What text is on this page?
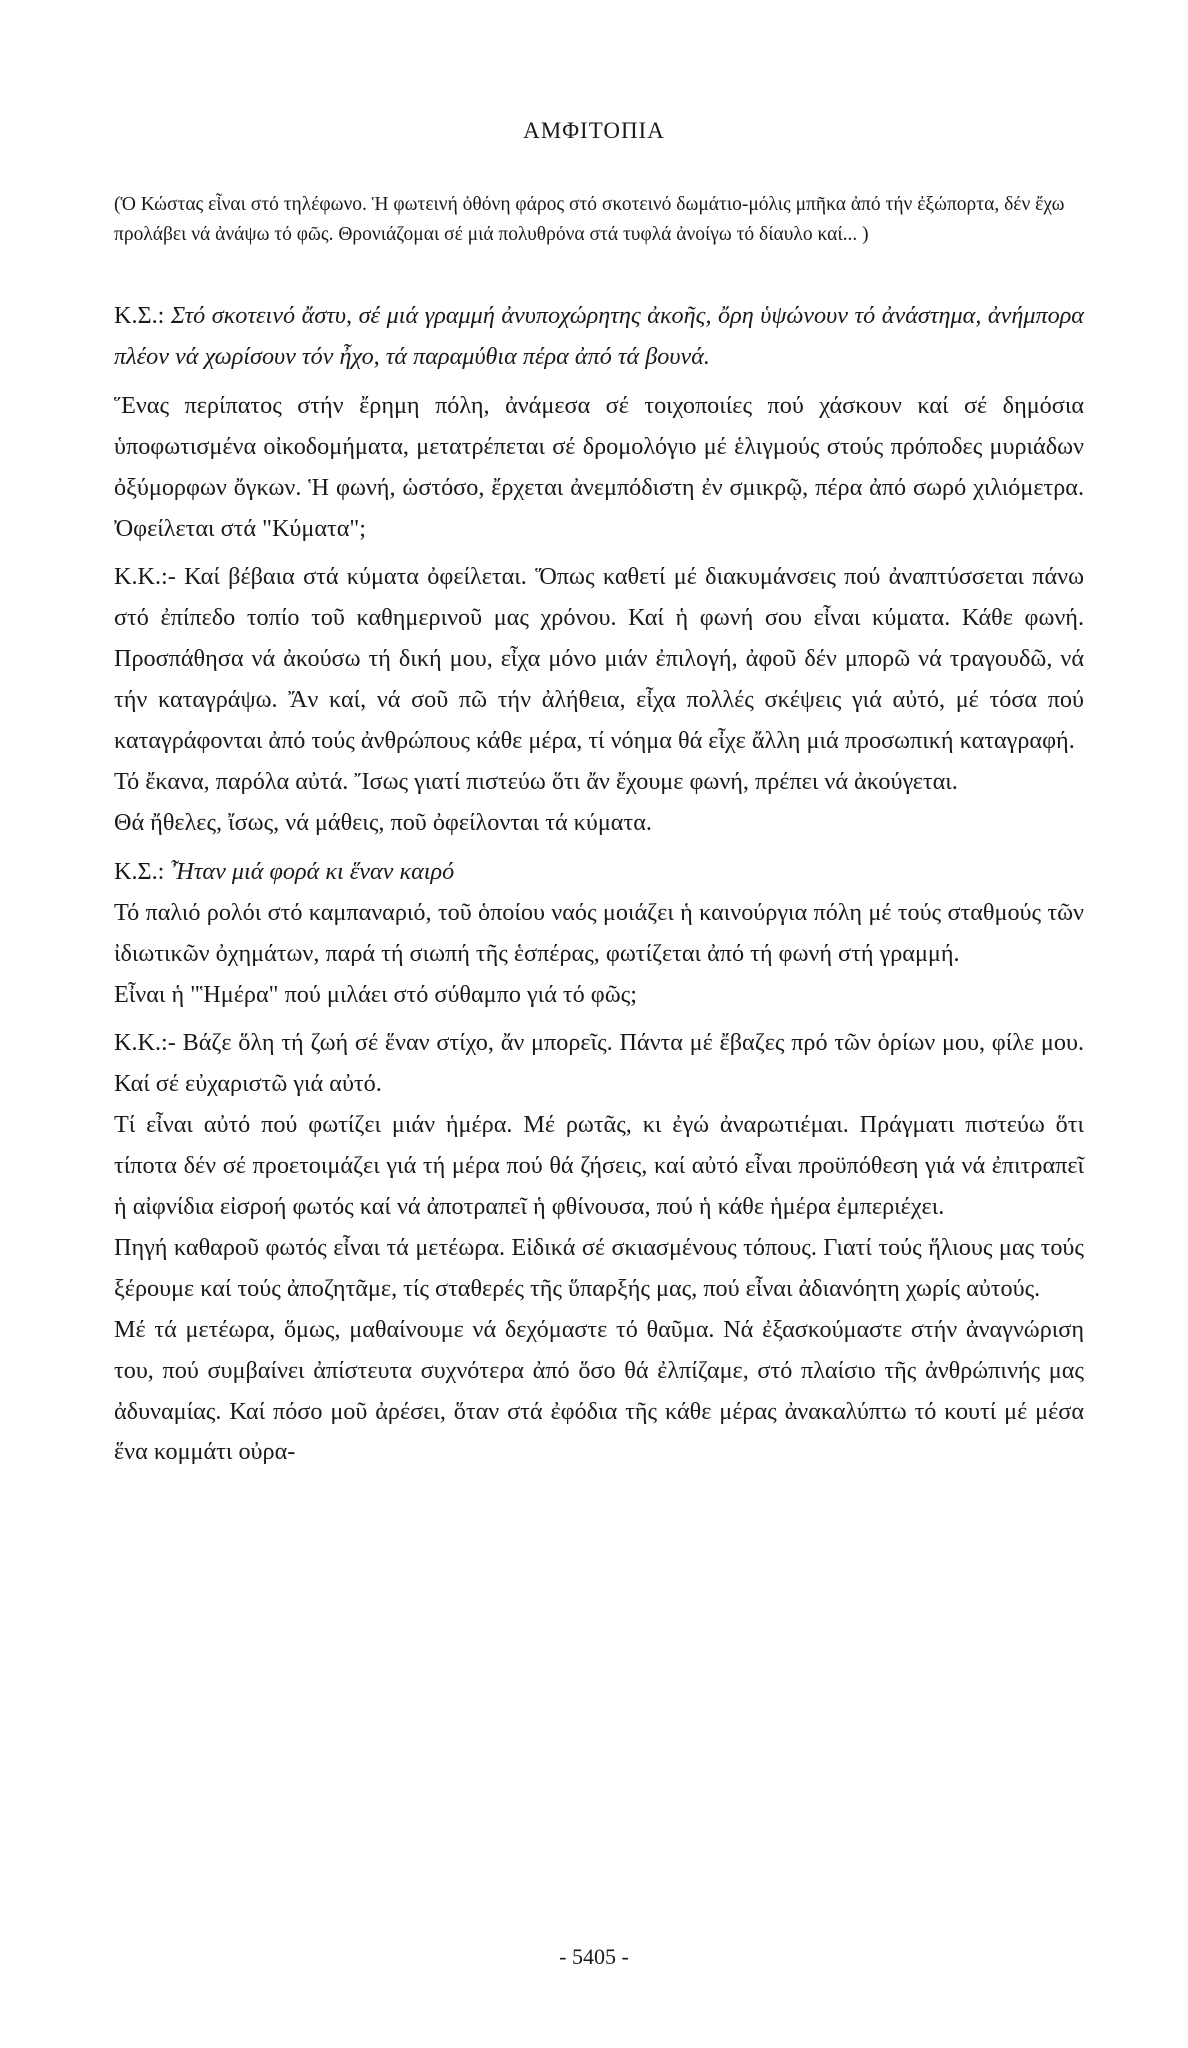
ΑΜΦΙΤΟΠΙΑ
(Ὁ Κώστας εἶναι στό τηλέφωνο. Ἡ φωτεινή ὀθόνη φάρος στό σκοτεινό δωμάτιο-μόλις μπῆκα ἀπό τήν ἐξώπορτα, δέν ἔχω προλάβει νά ἀνάψω τό φῶς. Θρονιάζομαι σέ μιά πολυθρόνα στά τυφλά ἀνοίγω τό δίαυλο καί... )

Κ.Σ.: Στό σκοτεινό ἄστυ, σέ μιά γραμμή ἀνυποχώρητης ἀκοῆς, ὄρη ὑψώνουν τό ἀνάστημα, ἀνήμπορα πλέον νά χωρίσουν τόν ἦχο, τά παραμύθια πέρα ἀπό τά βουνά.

Ἕνας περίπατος στήν ἔρημη πόλη, ἀνάμεσα σέ τοιχοποιίες πού χάσκουν καί σέ δημόσια ὑποφωτισμένα οἰκοδομήματα, μετατρέπεται σέ δρομολόγιο μέ ἑλιγμούς στούς πρόποδες μυριάδων ὀξύμορφων ὄγκων. Ἡ φωνή, ὡστόσο, ἔρχεται ἀνεμπόδιστη ἐν σμικρῷ, πέρα ἀπό σωρό χιλιόμετρα. Ὀφείλεται στά "Κύματα";

Κ.Κ.:- Καί βέβαια στά κύματα ὀφείλεται. Ὅπως καθετί μέ διακυμάνσεις πού ἀναπτύσσεται πάνω στό ἐπίπεδο τοπίο τοῦ καθημερινοῦ μας χρόνου. Καί ἡ φωνή σου εἶναι κύματα. Κάθε φωνή. Προσπάθησα νά ἀκούσω τή δική μου, εἶχα μόνο μιάν ἐπιλογή, ἀφοῦ δέν μπορῶ νά τραγουδῶ, νά τήν καταγράψω. Ἄν καί, νά σοῦ πῶ τήν ἀλήθεια, εἶχα πολλές σκέψεις γιά αὐτό, μέ τόσα πού καταγράφονται ἀπό τούς ἀνθρώπους κάθε μέρα, τί νόημα θά εἶχε ἄλλη μιά προσωπική καταγραφή.

Τό ἔκανα, παρόλα αὐτά. Ἴσως γιατί πιστεύω ὅτι ἄν ἔχουμε φωνή, πρέπει νά ἀκούγεται.

Θά ἤθελες, ἴσως, νά μάθεις, ποῦ ὀφείλονται τά κύματα.

Κ.Σ.: Ἦταν μιά φορά κι ἕναν καιρό

Τό παλιό ρολόι στό καμπαναριό, τοῦ ὁποίου ναός μοιάζει ἡ καινούργια πόλη μέ τούς σταθμούς τῶν ἰδιωτικῶν ὀχημάτων, παρά τή σιωπή τῆς ἑσπέρας, φωτίζεται ἀπό τή φωνή στή γραμμή.

Εἶναι ἡ "Ἡμέρα" πού μιλάει στό σύθαμπο γιά τό φῶς;

Κ.Κ.:- Βάζε ὅλη τή ζωή σέ ἕναν στίχο, ἄν μπορεῖς. Πάντα μέ ἔβαζες πρό τῶν ὁρίων μου, φίλε μου. Καί σέ εὐχαριστῶ γιά αὐτό.

Τί εἶναι αὐτό πού φωτίζει μιάν ἡμέρα. Μέ ρωτᾶς, κι ἐγώ ἀναρωτιέμαι. Πράγματι πιστεύω ὅτι τίποτα δέν σέ προετοιμάζει γιά τή μέρα πού θά ζήσεις, καί αὐτό εἶναι προϋπόθεση γιά νά ἐπιτραπεῖ ἡ αἰφνίδια εἰσροή φωτός καί νά ἀποτραπεῖ ἡ φθίνουσα, πού ἡ κάθε ἡμέρα ἐμπεριέχει.

Πηγή καθαροῦ φωτός εἶναι τά μετέωρα. Εἰδικά σέ σκιασμένους τόπους. Γιατί τούς ἥλιους μας τούς ξέρουμε καί τούς ἀποζητᾶμε, τίς σταθερές τῆς ὕπαρξής μας, πού εἶναι ἀδιανόητη χωρίς αὐτούς.

Μέ τά μετέωρα, ὅμως, μαθαίνουμε νά δεχόμαστε τό θαῦμα. Νά ἐξασκούμαστε στήν ἀναγνώριση του, πού συμβαίνει ἀπίστευτα συχνότερα ἀπό ὅσο θά ἐλπίζαμε, στό πλαίσιο τῆς ἀνθρώπινής μας ἀδυναμίας. Καί πόσο μοῦ ἀρέσει, ὅταν στά ἐφόδια τῆς κάθε μέρας ἀνακαλύπτω τό κουτί μέ μέσα ἕνα κομμάτι οὐρα-

- 5405 -
